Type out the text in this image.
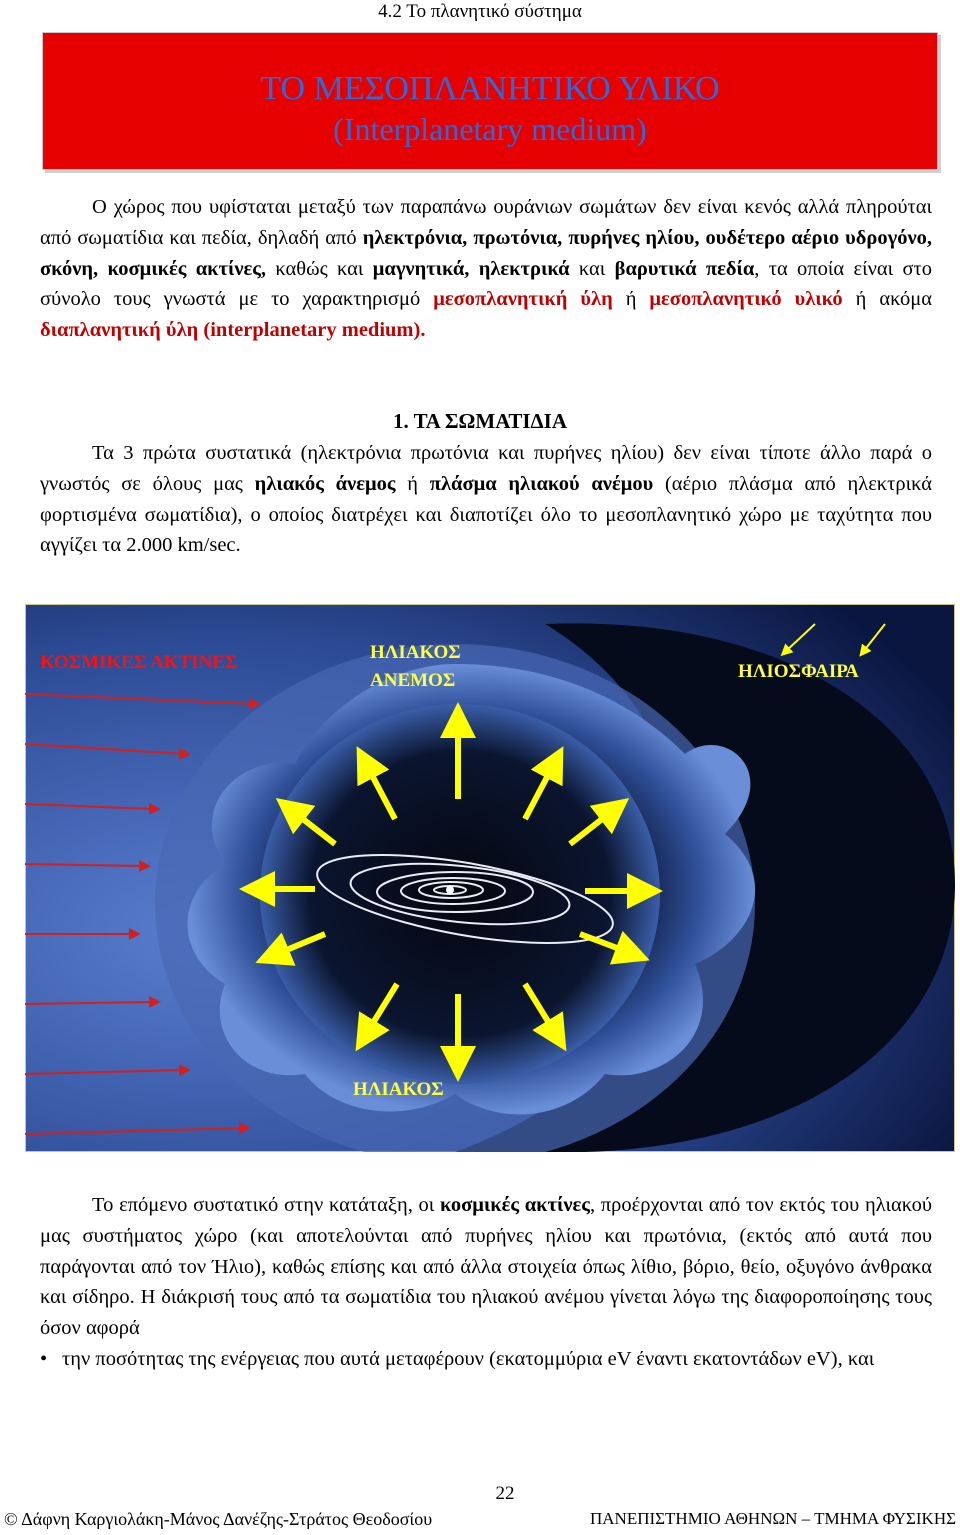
4.2 Το πλανητικό σύστημα
ΤΟ ΜΕΣΟΠΛΑΝΗΤΙΚΟ ΥΛΙΚΟ
(Interplanetary medium)

Ο χώρος που υφίσταται μεταξύ των παραπάνω ουράνιων σωμάτων δεν είναι κενός αλλά πληρούται από σωματίδια και πεδία, δηλαδή από ηλεκτρόνια, πρωτόνια, πυρήνες ηλίου, ουδέτερο αέριο υδρογόνο, σκόνη, κοσμικές ακτίνες, καθώς και μαγνητικά, ηλεκτρικά και βαρυτικά πεδία, τα οποία είναι στο σύνολο τους γνωστά με το χαρακτηρισμό μεσοπλανητική ύλη ή μεσοπλανητικό υλικό ή ακόμα διαπλανητική ύλη (interplanetary medium).

1. ΤΑ ΣΩΜΑΤΙΔΙΑ

Τα 3 πρώτα συστατικά (ηλεκτρόνια πρωτόνια και πυρήνες ηλίου) δεν είναι τίποτε άλλο παρά ο γνωστός σε όλους μας ηλιακός άνεμος ή πλάσμα ηλιακού ανέμου (αέριο πλάσμα από ηλεκτρικά φορτισμένα σωματίδια), ο οποίος διατρέχει και διαποτίζει όλο το μεσοπλανητικό χώρο με ταχύτητα που αγγίζει τα 2.000 km/sec.

ΚΟΣΜΙΚΕΣ ΑΚΤΙΝΕΣ	ΗΛΙΑΚΟΣ
ΑΝΕΜΟΣ	ΗΛΙΟΣΦΑΙΡΑ
ΗΛΙΑΚΟΣ

Το επόμενο συστατικό στην κατάταξη, οι κοσμικές ακτίνες, προέρχονται από τον εκτός του ηλιακού μας συστήματος χώρο (και αποτελούνται από πυρήνες ηλίου και πρωτόνια, (εκτός από αυτά που παράγονται από τον Ήλιο), καθώς επίσης και από άλλα στοιχεία όπως λίθιο, βόριο, θείο, οξυγόνο άνθρακα και σίδηρο. Η διάκρισή τους από τα σωματίδια του ηλιακού ανέμου γίνεται λόγω της διαφοροποίησης τους όσον αφορά

• την ποσότητας της ενέργειας που αυτά μεταφέρουν (εκατομμύρια eV έναντι εκατοντάδων eV), και
22
© Δάφνη Καργιολάκη-Μάνος Δανέζης-Στράτος Θεοδοσίου	ΠΑΝΕΠΙΣΤΗΜΙΟ ΑΘΗΝΩΝ – ΤΜΗΜΑ ΦΥΣΙΚΗΣ
